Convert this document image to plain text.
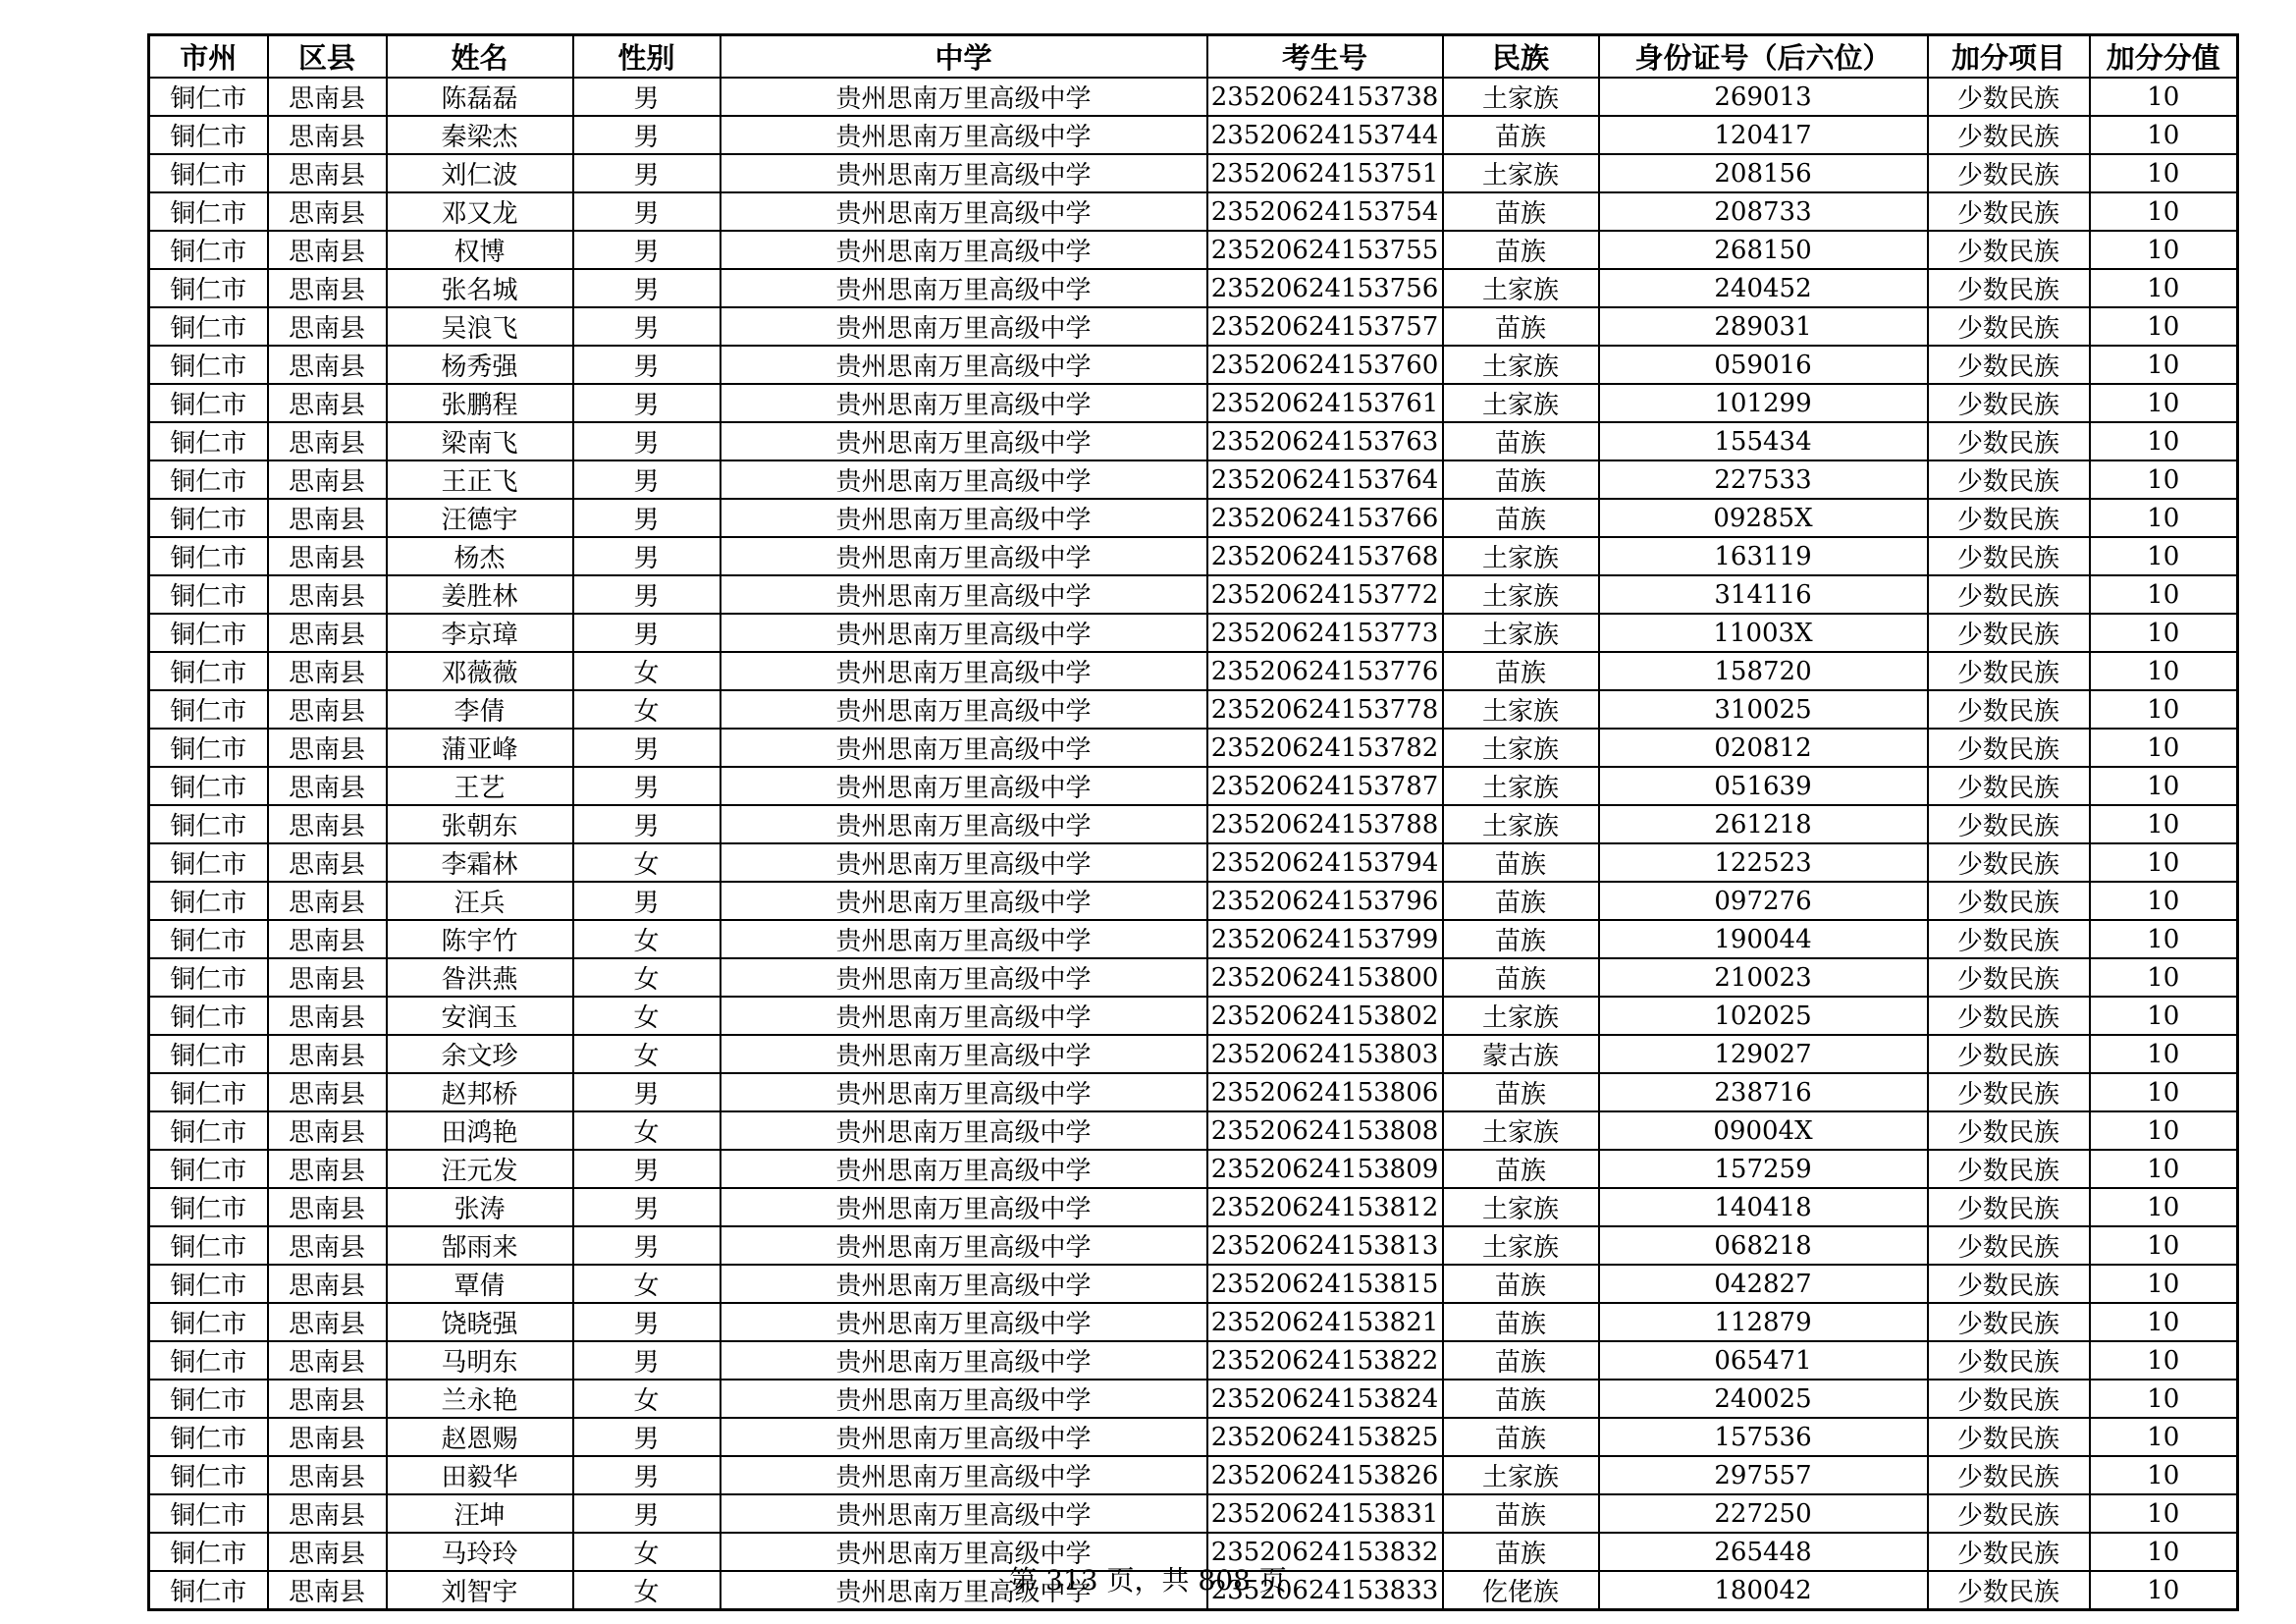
市州	区县	姓名	性别	中学	考生号	民族	身份证号（后六位）	加分项目	加分分值
铜仁市	思南县	陈磊磊	男	贵州思南万里高级中学	23520624153738	土家族	269013	少数民族	10
铜仁市	思南县	秦梁杰	男	贵州思南万里高级中学	23520624153744	苗族	120417	少数民族	10
铜仁市	思南县	刘仁波	男	贵州思南万里高级中学	23520624153751	土家族	208156	少数民族	10
铜仁市	思南县	邓又龙	男	贵州思南万里高级中学	23520624153754	苗族	208733	少数民族	10
铜仁市	思南县	权博	男	贵州思南万里高级中学	23520624153755	苗族	268150	少数民族	10
铜仁市	思南县	张名城	男	贵州思南万里高级中学	23520624153756	土家族	240452	少数民族	10
铜仁市	思南县	吴浪飞	男	贵州思南万里高级中学	23520624153757	苗族	289031	少数民族	10
铜仁市	思南县	杨秀强	男	贵州思南万里高级中学	23520624153760	土家族	059016	少数民族	10
铜仁市	思南县	张鹏程	男	贵州思南万里高级中学	23520624153761	土家族	101299	少数民族	10
铜仁市	思南县	梁南飞	男	贵州思南万里高级中学	23520624153763	苗族	155434	少数民族	10
铜仁市	思南县	王正飞	男	贵州思南万里高级中学	23520624153764	苗族	227533	少数民族	10
铜仁市	思南县	汪德宇	男	贵州思南万里高级中学	23520624153766	苗族	09285X	少数民族	10
铜仁市	思南县	杨杰	男	贵州思南万里高级中学	23520624153768	土家族	163119	少数民族	10
铜仁市	思南县	姜胜林	男	贵州思南万里高级中学	23520624153772	土家族	314116	少数民族	10
铜仁市	思南县	李京璋	男	贵州思南万里高级中学	23520624153773	土家族	11003X	少数民族	10
铜仁市	思南县	邓薇薇	女	贵州思南万里高级中学	23520624153776	苗族	158720	少数民族	10
铜仁市	思南县	李倩	女	贵州思南万里高级中学	23520624153778	土家族	310025	少数民族	10
铜仁市	思南县	蒲亚峰	男	贵州思南万里高级中学	23520624153782	土家族	020812	少数民族	10
铜仁市	思南县	王艺	男	贵州思南万里高级中学	23520624153787	土家族	051639	少数民族	10
铜仁市	思南县	张朝东	男	贵州思南万里高级中学	23520624153788	土家族	261218	少数民族	10
铜仁市	思南县	李霜林	女	贵州思南万里高级中学	23520624153794	苗族	122523	少数民族	10
铜仁市	思南县	汪兵	男	贵州思南万里高级中学	23520624153796	苗族	097276	少数民族	10
铜仁市	思南县	陈宇竹	女	贵州思南万里高级中学	23520624153799	苗族	190044	少数民族	10
铜仁市	思南县	昝洪燕	女	贵州思南万里高级中学	23520624153800	苗族	210023	少数民族	10
铜仁市	思南县	安润玉	女	贵州思南万里高级中学	23520624153802	土家族	102025	少数民族	10
铜仁市	思南县	余文珍	女	贵州思南万里高级中学	23520624153803	蒙古族	129027	少数民族	10
铜仁市	思南县	赵邦桥	男	贵州思南万里高级中学	23520624153806	苗族	238716	少数民族	10
铜仁市	思南县	田鸿艳	女	贵州思南万里高级中学	23520624153808	土家族	09004X	少数民族	10
铜仁市	思南县	汪元发	男	贵州思南万里高级中学	23520624153809	苗族	157259	少数民族	10
铜仁市	思南县	张涛	男	贵州思南万里高级中学	23520624153812	土家族	140418	少数民族	10
铜仁市	思南县	郜雨来	男	贵州思南万里高级中学	23520624153813	土家族	068218	少数民族	10
铜仁市	思南县	覃倩	女	贵州思南万里高级中学	23520624153815	苗族	042827	少数民族	10
铜仁市	思南县	饶晓强	男	贵州思南万里高级中学	23520624153821	苗族	112879	少数民族	10
铜仁市	思南县	马明东	男	贵州思南万里高级中学	23520624153822	苗族	065471	少数民族	10
铜仁市	思南县	兰永艳	女	贵州思南万里高级中学	23520624153824	苗族	240025	少数民族	10
铜仁市	思南县	赵恩赐	男	贵州思南万里高级中学	23520624153825	苗族	157536	少数民族	10
铜仁市	思南县	田毅华	男	贵州思南万里高级中学	23520624153826	土家族	297557	少数民族	10
铜仁市	思南县	汪坤	男	贵州思南万里高级中学	23520624153831	苗族	227250	少数民族	10
铜仁市	思南县	马玲玲	女	贵州思南万里高级中学	23520624153832	苗族	265448	少数民族	10
铜仁市	思南县	刘智宇	女	贵州思南万里高级中学	23520624153833	仡佬族	180042	少数民族	10
第 313 页，共 808 页
